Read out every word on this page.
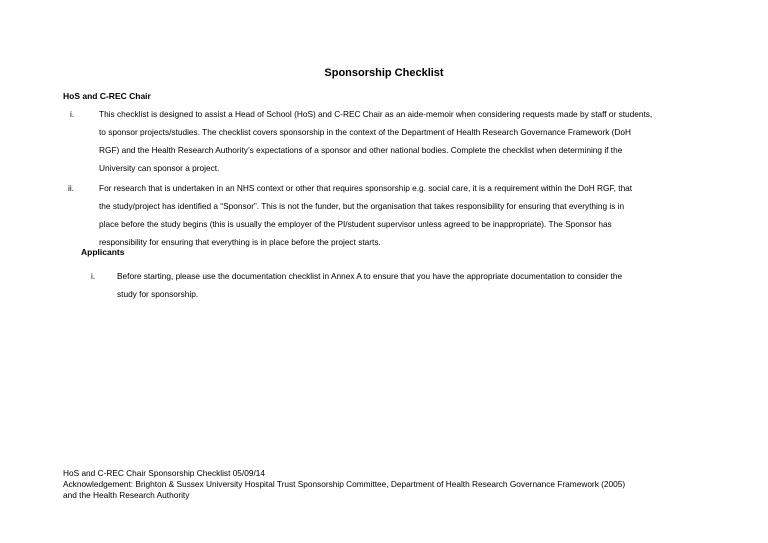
Sponsorship Checklist
HoS and C-REC Chair
i.	This checklist is designed to assist a Head of School (HoS) and C-REC Chair as an aide-memoir when considering requests made by staff or students,
to sponsor projects/studies. The checklist covers sponsorship in the context of the Department of Health Research Governance Framework (DoH
RGF) and the Health Research Authority’s expectations of a sponsor and other national bodies. Complete the checklist when determining if the
University can sponsor a project.
ii.	For research that is undertaken in an NHS context or other that requires sponsorship e.g. social care, it is a requirement within the DoH RGF, that
the study/project has identified a “Sponsor”. This is not the funder, but the organisation that takes responsibility for ensuring that everything is in
place before the study begins (this is usually the employer of the PI/student supervisor unless agreed to be inappropriate). The Sponsor has
responsibility for ensuring that everything is in place before the project starts.
Applicants
i.	Before starting, please use the documentation checklist in Annex A to ensure that you have the appropriate documentation to consider the
study for sponsorship.
HoS and C-REC Chair Sponsorship Checklist 05/09/14
Acknowledgement: Brighton & Sussex University Hospital Trust Sponsorship Committee, Department of Health Research Governance Framework (2005)
and the Health Research Authority
